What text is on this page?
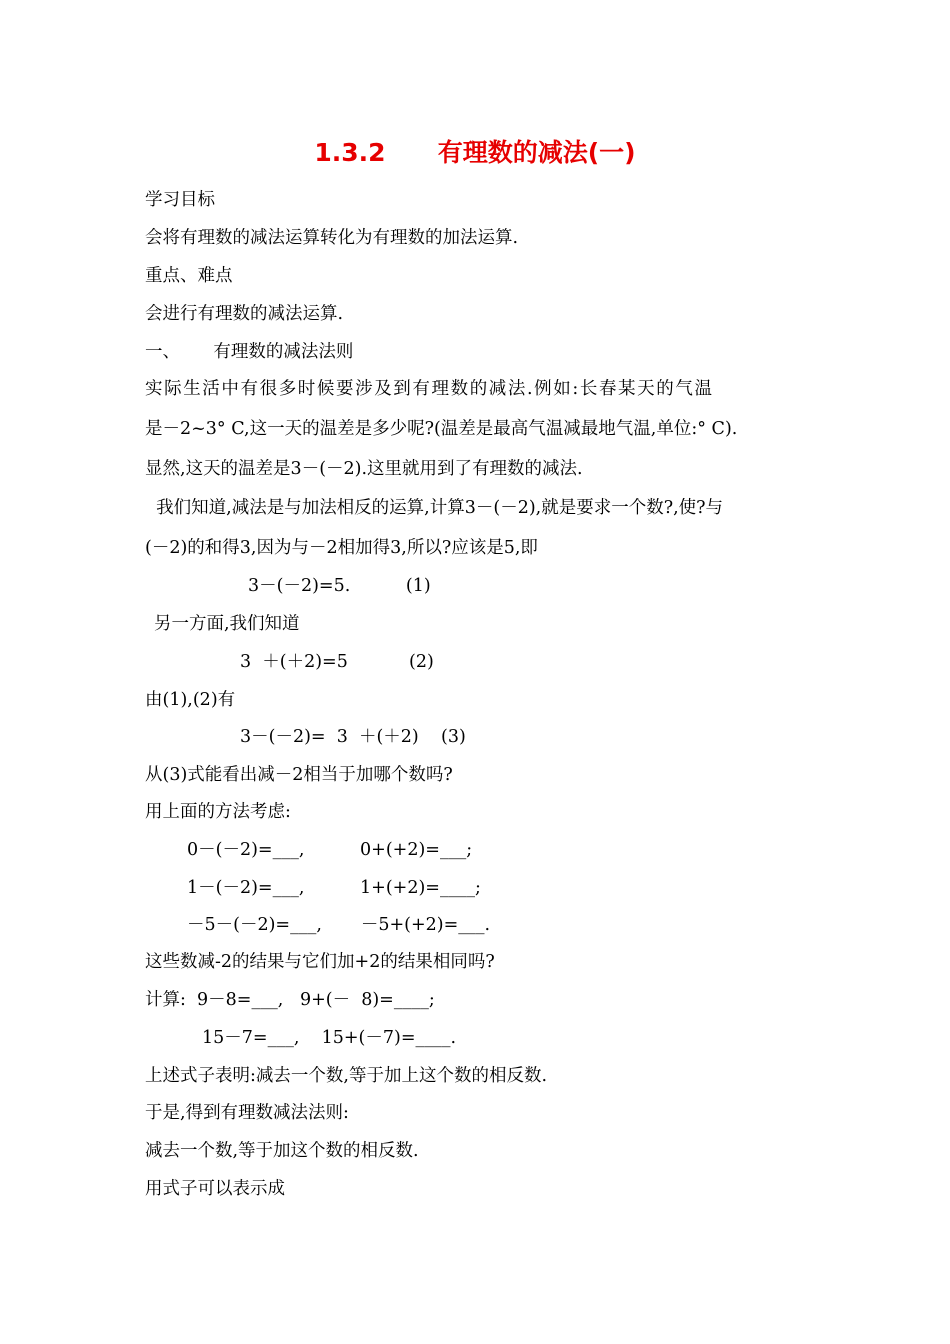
1.3.2      有理数的减法(一)
学习目标
会将有理数的减法运算转化为有理数的加法运算.
重点、难点
会进行有理数的减法运算.
一、      有理数的减法法则
实际生活中有很多时候要涉及到有理数的减法.例如:长春某天的气温
是－2~3° C,这一天的温差是多少呢?(温差是最高气温减最地气温,单位:° C).
显然,这天的温差是3－(－2).这里就用到了有理数的减法.
我们知道,减法是与加法相反的运算,计算3－(－2),就是要求一个数?,使?与
(－2)的和得3,因为与－2相加得3,所以?应该是5,即
3－(－2)=5.          (1)
另一方面,我们知道
3  ＋(＋2)=5           (2)
由(1),(2)有
3－(－2)=  3  ＋(＋2)    (3)
从(3)式能看出减－2相当于加哪个数吗?
用上面的方法考虑:
0－(－2)=___,          0+(+2)=___;
1－(－2)=___,          1+(+2)=____;
－5－(－2)=___,       －5+(+2)=___.
这些数减-2的结果与它们加+2的结果相同吗?
计算:  9－8=___,   9+(－  8)=____;
15－7=___,    15+(－7)=____.
上述式子表明:减去一个数,等于加上这个数的相反数.
于是,得到有理数减法法则:
减去一个数,等于加这个数的相反数.
用式子可以表示成
